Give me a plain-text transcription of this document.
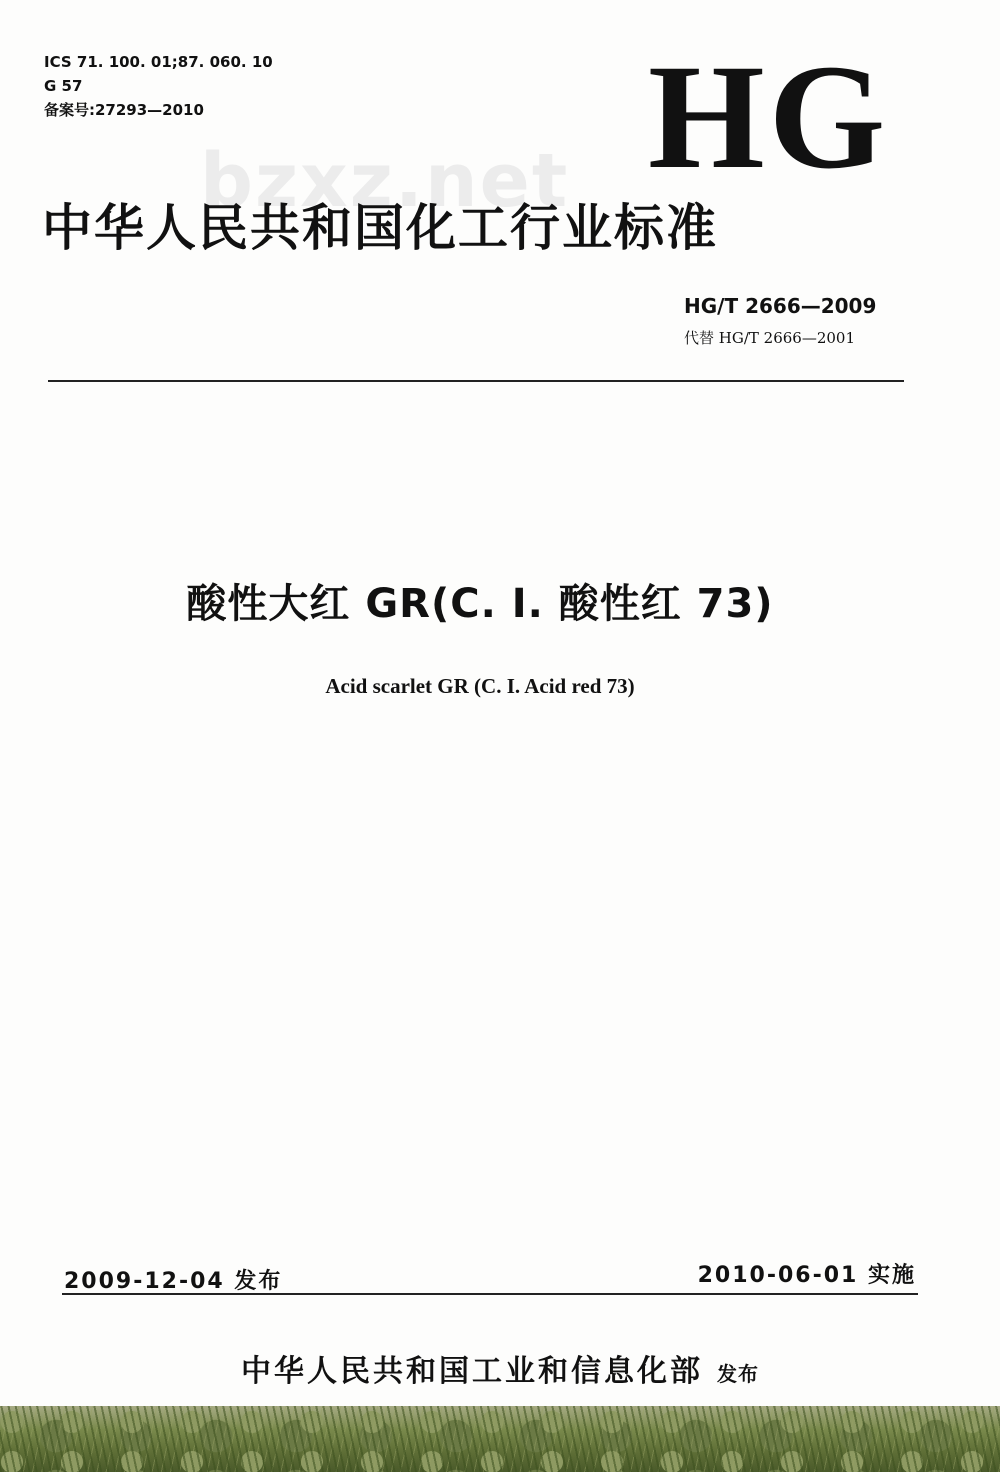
ICS 71. 100. 01;87. 060. 10
G 57
备案号:27293—2010	HG
bzxz.net
中华人民共和国化工行业标准
HG/T 2666—2009
代替 HG/T 2666—2001
酸性大红 GR(C. I. 酸性红 73)
Acid scarlet GR (C. I. Acid red 73)
2009-12-04 发布	2010-06-01 实施
中华人民共和国工业和信息化部 发布
